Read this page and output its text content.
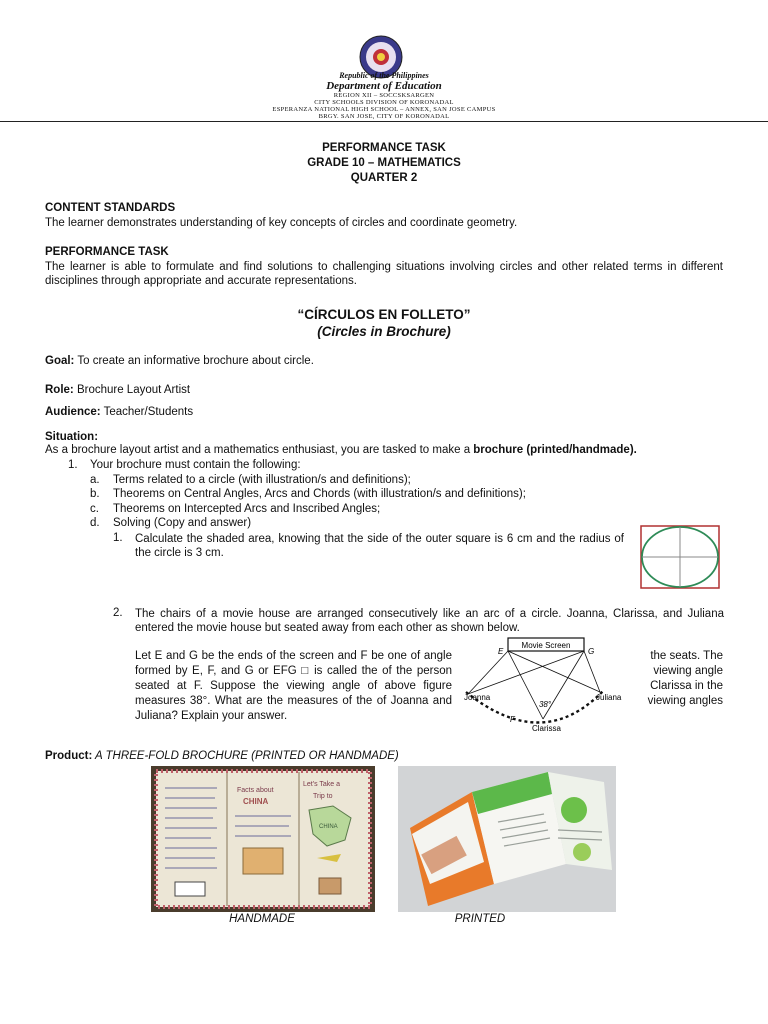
Republic of the Philippines
Department of Education
REGION XII – SOCCSKSARGEN
CITY SCHOOLS DIVISION OF KORONADAL
ESPERANZA NATIONAL HIGH SCHOOL – ANNEX, SAN JOSE CAMPUS
BRGY. SAN JOSE, CITY OF KORONADAL
PERFORMANCE TASK
GRADE 10 – MATHEMATICS
QUARTER 2
CONTENT STANDARDS
The learner demonstrates understanding of key concepts of circles and coordinate geometry.
PERFORMANCE TASK
The learner is able to formulate and find solutions to challenging situations involving circles and other related terms in different disciplines through appropriate and accurate representations.
“CÍRCULOS EN FOLLETO”
(Circles in Brochure)
Goal: To create an informative brochure about circle.
Role: Brochure Layout Artist
Audience: Teacher/Students
Situation:
As a brochure layout artist and a mathematics enthusiast, you are tasked to make a brochure (printed/handmade).
1. Your brochure must contain the following:
a. Terms related to a circle (with illustration/s and definitions);
b. Theorems on Central Angles, Arcs and Chords (with illustration/s and definitions);
c. Theorems on Intercepted Arcs and Inscribed Angles;
d. Solving (Copy and answer)
1. Calculate the shaded area, knowing that the side of the outer square is 6 cm and the radius of the circle is 3 cm.
2. The chairs of a movie house are arranged consecutively like an arc of a circle. Joanna, Clarissa, and Juliana entered the movie house but seated away from each other as shown below.
Let E and G be the ends of the screen and F be one of angle formed by E, F, and G or EFG □ is called the of the person seated at F. Suppose the viewing angle of above figure measures 38°. What are the measures of the of Joanna and Juliana? Explain your answer.
the seats. The
viewing angle
Clarissa in the
viewing angles
Movie Screen
E	G
38°
F
Joanna	Juliana
Clarissa
Product: A THREE-FOLD BROCHURE (PRINTED OR HANDMADE)
Facts about
CHINA
Let's Take a
Trip to
CHINA
HANDMADE	PRINTED
